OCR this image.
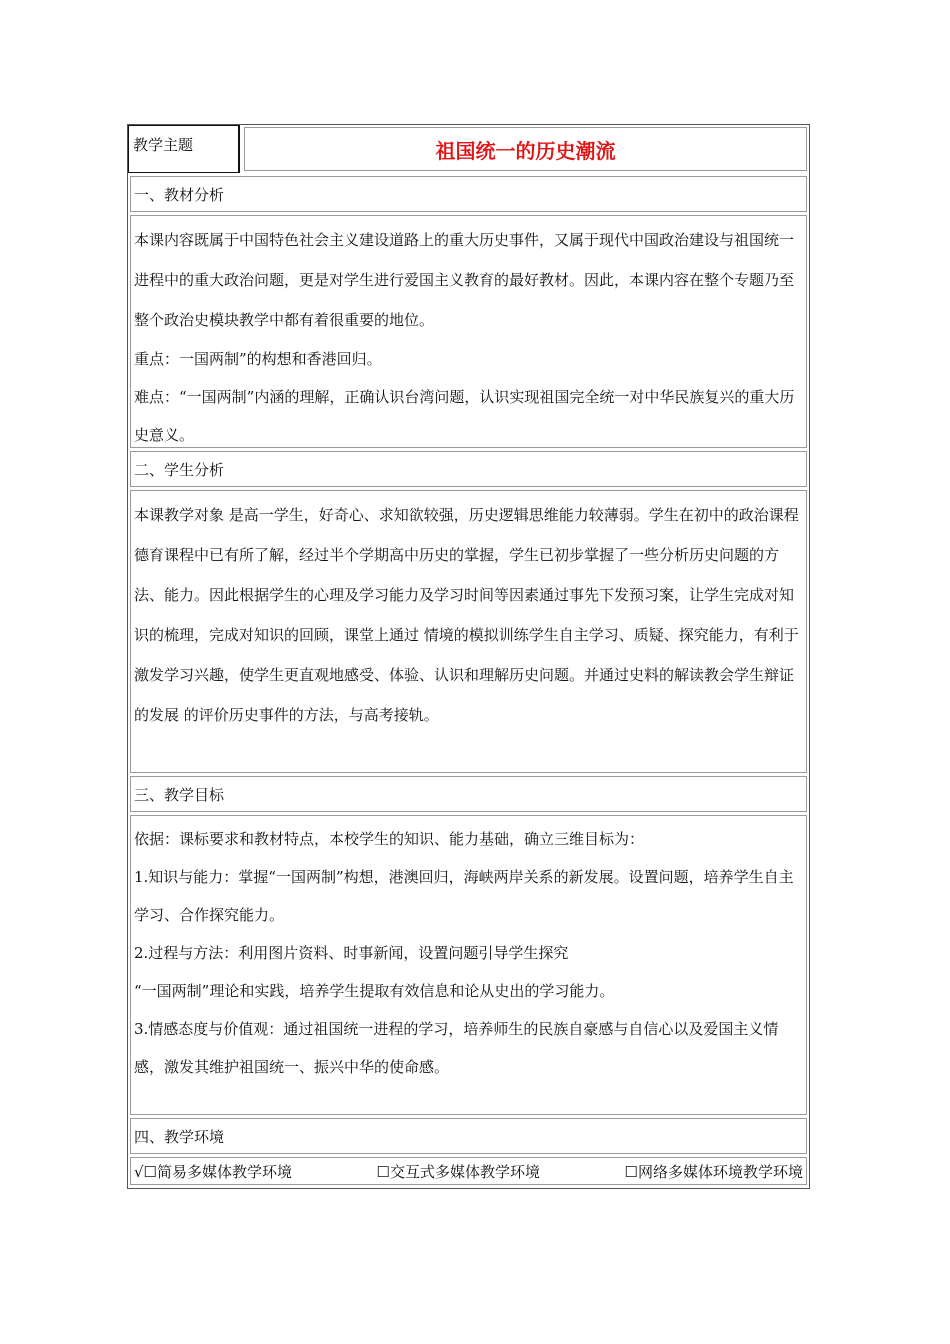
教学主题	祖国统一的历史潮流
一、教材分析

本课内容既属于中国特色社会主义建设道路上的重大历史事件，又属于现代中国政治建设与祖国统一进程中的重大政治问题，更是对学生进行爱国主义教育的最好教材。因此，本课内容在整个专题乃至整个政治史模块教学中都有着很重要的地位。

重点：一国两制”的构想和香港回归。

难点：“一国两制”内涵的理解，正确认识台湾问题，认识实现祖国完全统一对中华民族复兴的重大历史意义。

二、学生分析

本课教学对象 是高一学生，好奇心、求知欲较强，历史逻辑思维能力较薄弱。学生在初中的政治课程德育课程中已有所了解，经过半个学期高中历史的掌握，学生已初步掌握了一些分析历史问题的方法、能力。因此根据学生的心理及学习能力及学习时间等因素通过事先下发预习案，让学生完成对知识的梳理，完成对知识的回顾，课堂上通过 情境的模拟训练学生自主学习、质疑、探究能力，有利于激发学习兴趣，使学生更直观地感受、体验、认识和理解历史问题。并通过史料的解读教会学生辩证的发展 的评价历史事件的方法，与高考接轨。

三、教学目标

依据：课标要求和教材特点，本校学生的知识、能力基础，确立三维目标为：

1.知识与能力：掌握“一国两制”构想，港澳回归，海峡两岸关系的新发展。设置问题，培养学生自主学习、合作探究能力。

2.过程与方法：利用图片资料、时事新闻，设置问题引导学生探究

“一国两制”理论和实践，培养学生提取有效信息和论从史出的学习能力。

3.情感态度与价值观：通过祖国统一进程的学习，培养师生的民族自豪感与自信心以及爱国主义情感，激发其维护祖国统一、振兴中华的使命感。

四、教学环境
√☐简易多媒体教学环境	☐交互式多媒体教学环境	☐网络多媒体环境教学环境
